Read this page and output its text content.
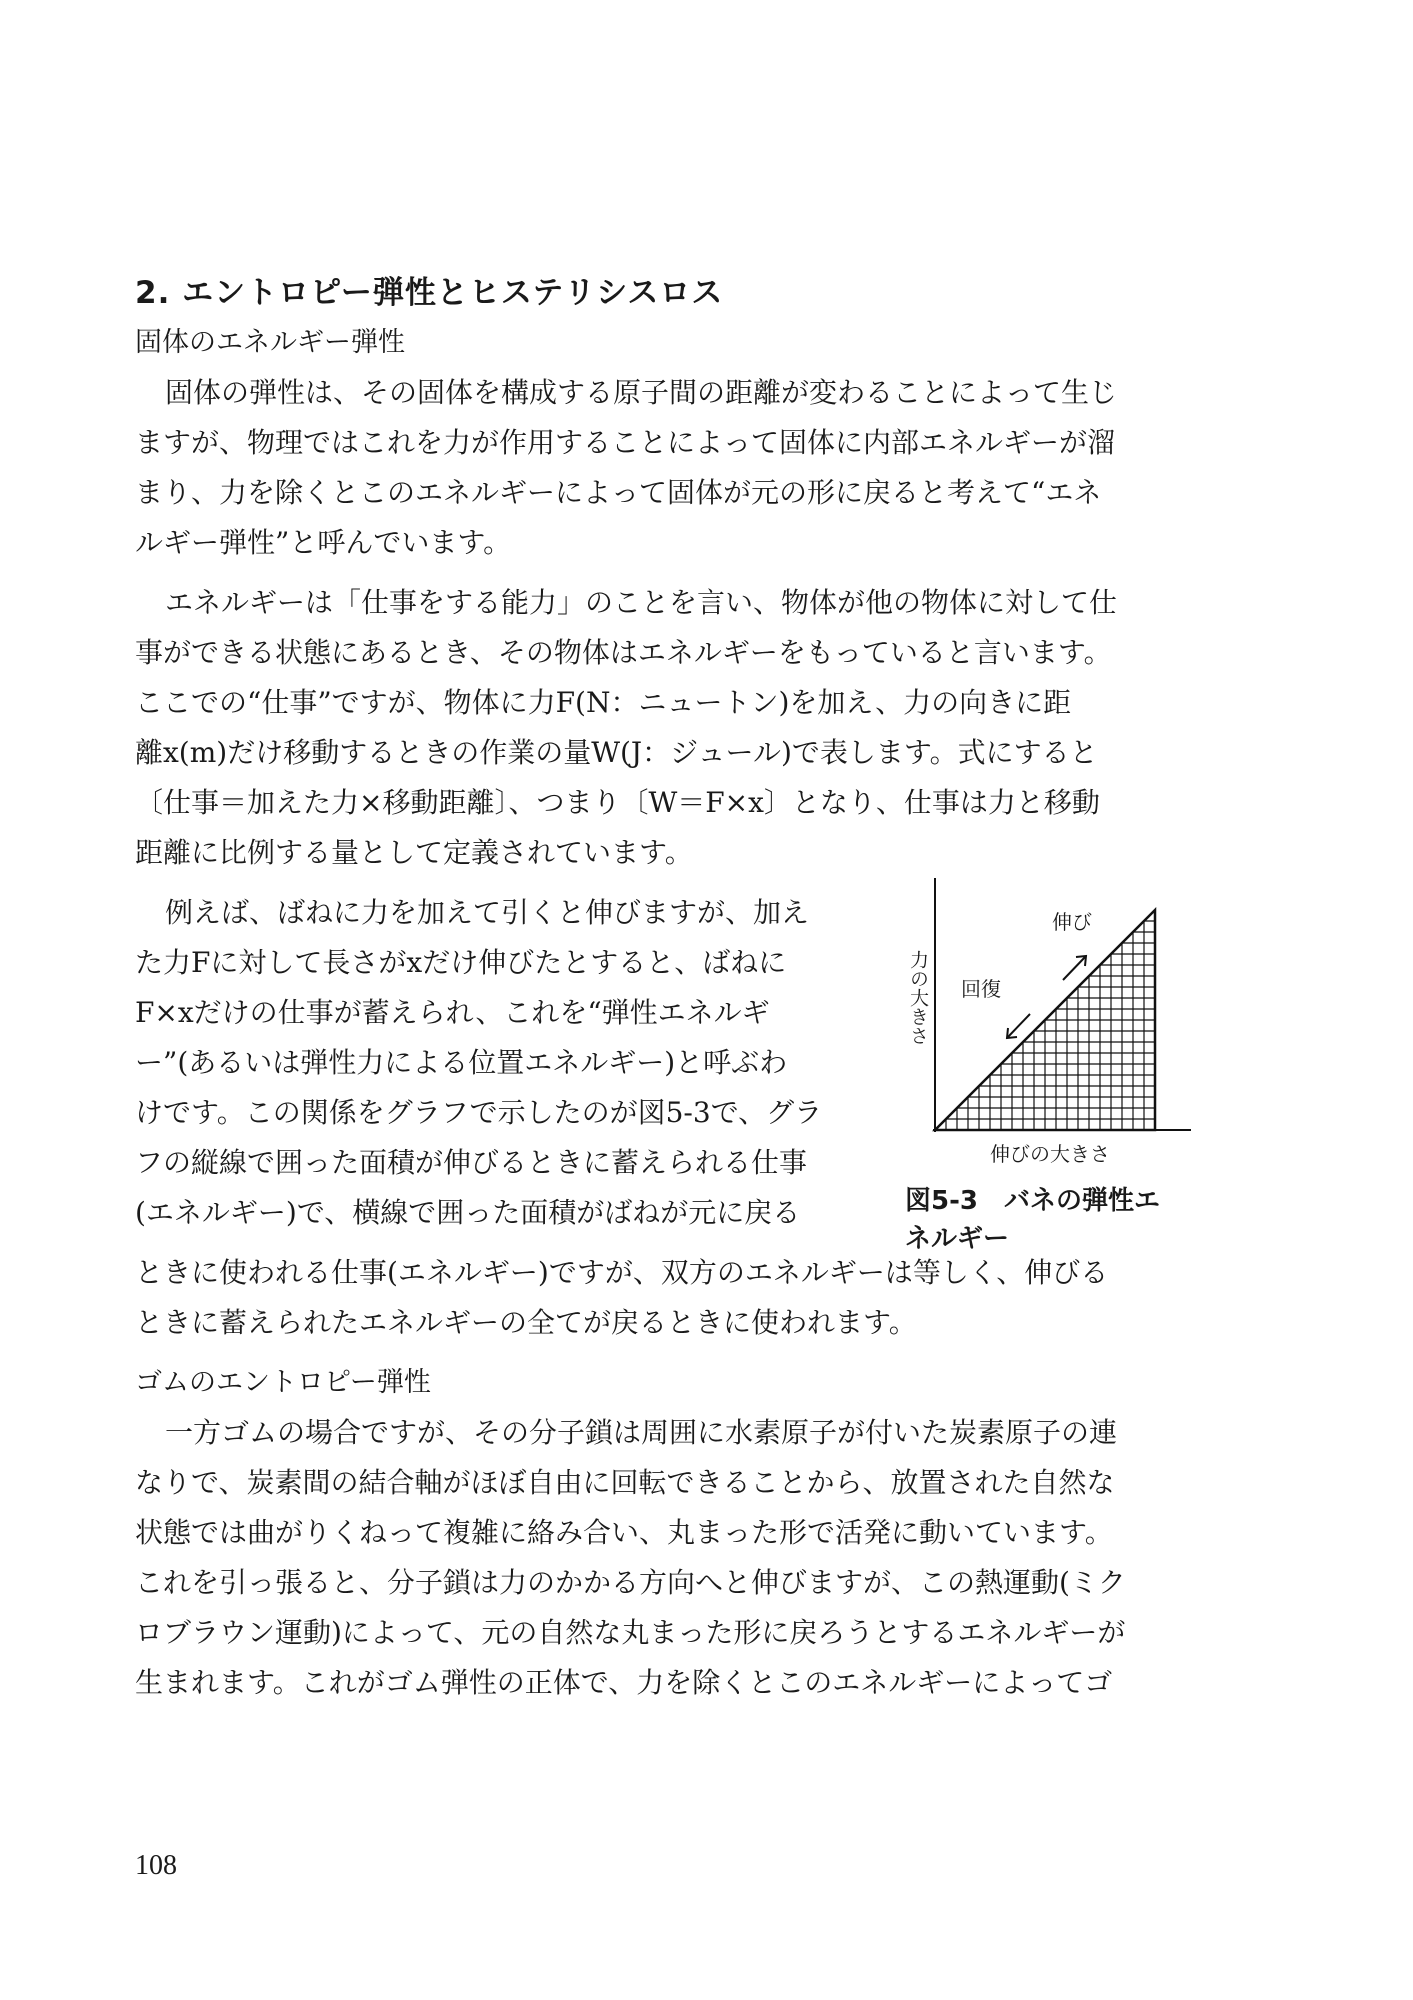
2. エントロピー弾性とヒステリシスロス
固体のエネルギー弾性

固体の弾性は、その固体を構成する原子間の距離が変わることによって生じ

ますが、物理ではこれを力が作用することによって固体に内部エネルギーが溜

まり、力を除くとこのエネルギーによって固体が元の形に戻ると考えて“エネ

ルギー弾性”と呼んでいます。

エネルギーは「仕事をする能力」のことを言い、物体が他の物体に対して仕

事ができる状態にあるとき、その物体はエネルギーをもっていると言います。

ここでの“仕事”ですが、物体に力F(N：ニュートン)を加え、力の向きに距

離x(m)だけ移動するときの作業の量W(J：ジュール)で表します。式にすると

〔仕事＝加えた力×移動距離〕、つまり〔W＝F×x〕となり、仕事は力と移動

距離に比例する量として定義されています。

例えば、ばねに力を加えて引くと伸びますが、加え

た力Fに対して長さがxだけ伸びたとすると、ばねに

F×xだけの仕事が蓄えられ、これを“弾性エネルギ

ー”(あるいは弾性力による位置エネルギー)と呼ぶわ

けです。この関係をグラフで示したのが図5-3で、グラ

フの縦線で囲った面積が伸びるときに蓄えられる仕事

(エネルギー)で、横線で囲った面積がばねが元に戻る

ときに使われる仕事(エネルギー)ですが、双方のエネルギーは等しく、伸びる

ときに蓄えられたエネルギーの全てが戻るときに使われます。

ゴムのエントロピー弾性

一方ゴムの場合ですが、その分子鎖は周囲に水素原子が付いた炭素原子の連

なりで、炭素間の結合軸がほぼ自由に回転できることから、放置された自然な

状態では曲がりくねって複雑に絡み合い、丸まった形で活発に動いています。

これを引っ張ると、分子鎖は力のかかる方向へと伸びますが、この熱運動(ミク

ロブラウン運動)によって、元の自然な丸まった形に戻ろうとするエネルギーが

生まれます。これがゴム弾性の正体で、力を除くとこのエネルギーによってゴ

力の大きさ
伸び
回復
伸びの大きさ

図5-3　バネの弾性エ
ネルギー

108
